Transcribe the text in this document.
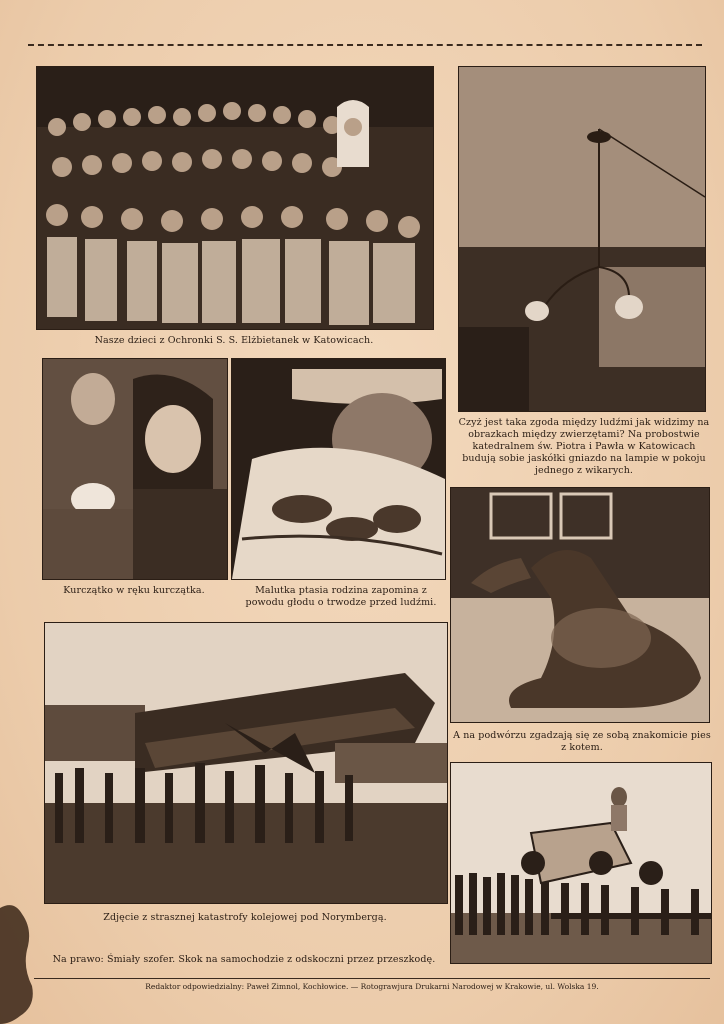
Nasze dzieci z Ochronki S. S. Elżbietanek w Katowicach.
Czyż jest taka zgoda między ludźmi jak widzimy na obrazkach między zwierzętami? Na probostwie katedralnem św. Piotra i Pawła w Katowicach budują sobie jaskółki gniazdo na lampie w pokoju jednego z wikarych.
Kurczątko w ręku kurczątka.	Malutka ptasia rodzina zapomina z powodu głodu o trwodze przed ludźmi.
A na podwórzu zgadzają się ze sobą znakomicie pies z kotem.
Zdjęcie z strasznej katastrofy kolejowej pod Norymbergą.
Na prawo: Śmiały szofer. Skok na samochodzie z odskoczni przez przeszkodę.
Redaktor odpowiedzialny: Paweł Zimnol, Kochłowice. — Rotograwjura Drukarni Narodowej w Krakowie, ul. Wolska 19.
